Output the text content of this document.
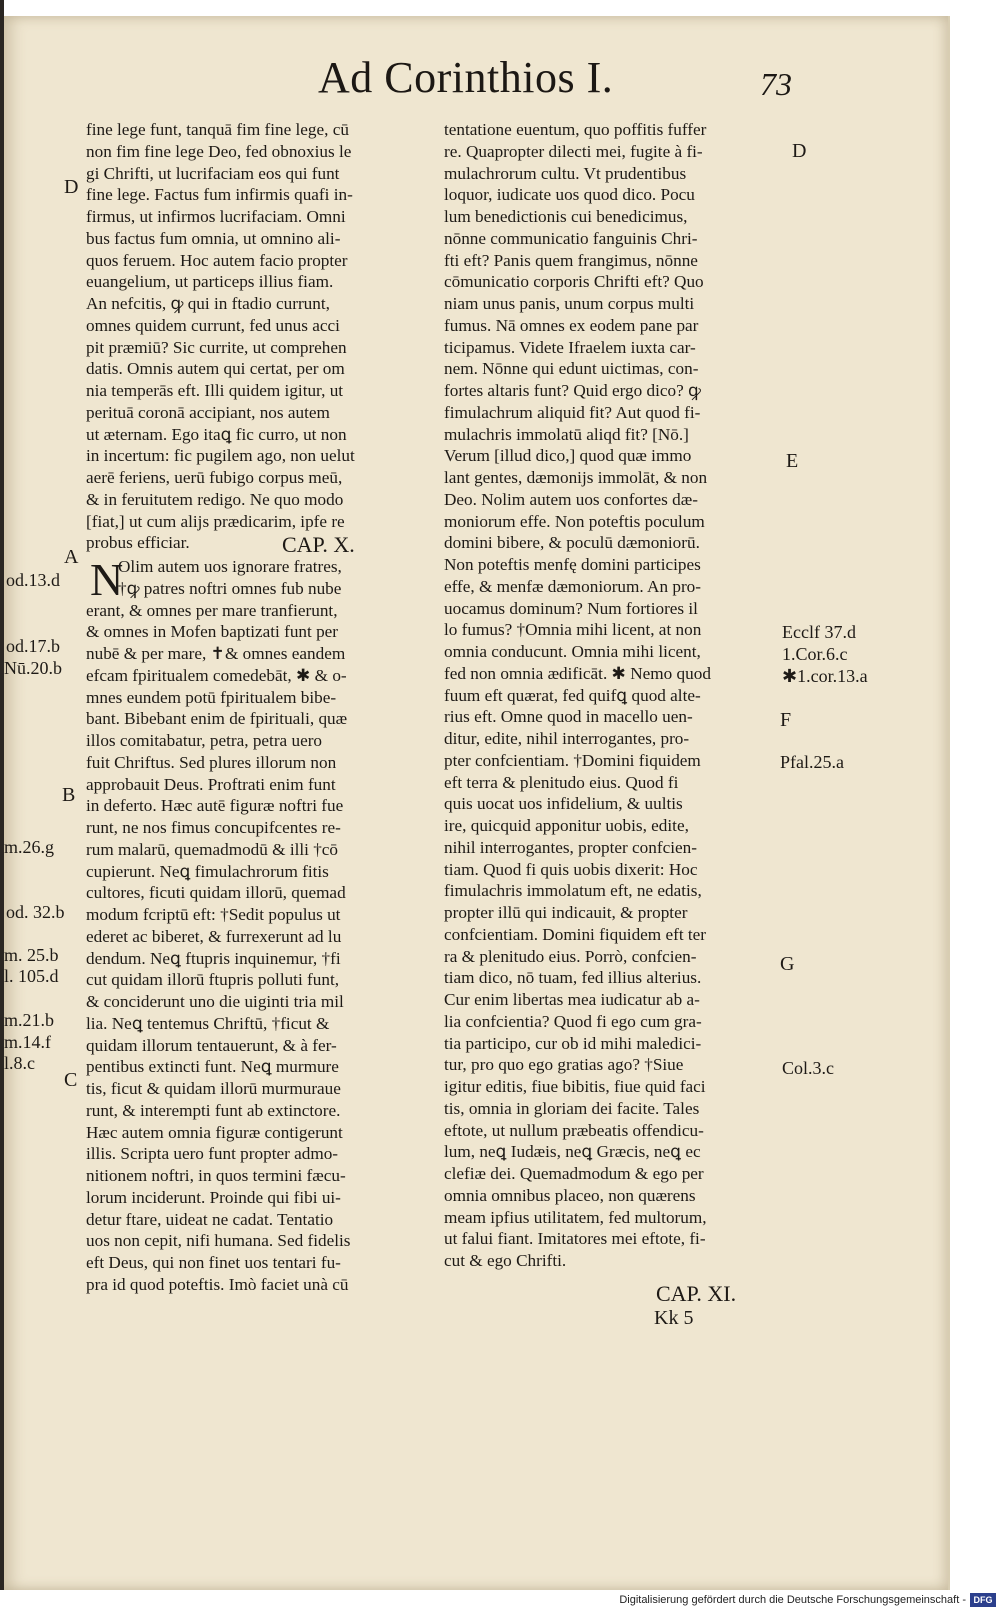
Ad Corinthios I.	73
fine lege funt, tanquā fim fine lege, cū
non fim fine lege Deo, fed obnoxius le
gi Chrifti, ut lucrifaciam eos qui funt
fine lege. Factus fum infirmis quafi in-
firmus, ut infirmos lucrifaciam. Omni
bus factus fum omnia, ut omnino ali-
quos feruem. Hoc autem facio propter
euangelium, ut particeps illius fiam.
An nefcitis, ꝙ qui in ftadio currunt,
omnes quidem currunt, fed unus acci
pit præmiū? Sic currite, ut comprehen
datis. Omnis autem qui certat, per om
nia temperās eft. Illi quidem igitur, ut
perituā coronā accipiant, nos autem
ut æternam. Ego itaꝗ fic curro, ut non
in incertum: fic pugilem ago, non uelut
aerē feriens, uerū fubigo corpus meū,
& in feruitutem redigo. Ne quo modo
[fiat,] ut cum alijs prædicarim, ipfe re
probus efficiar.	CAP. X.
N
Olim autem uos ignorare fratres,
†ꝙ patres noftri omnes fub nube
erant, & omnes per mare tranfierunt,
& omnes in Mofen baptizati funt per
nubē & per mare, ✝& omnes eandem
efcam fpiritualem comedebāt, ✱ & o-
mnes eundem potū fpiritualem bibe-
bant. Bibebant enim de fpirituali, quæ
illos comitabatur, petra, petra uero
fuit Chriftus. Sed plures illorum non
approbauit Deus. Proftrati enim funt
in deferto. Hæc autē figuræ noftri fue
runt, ne nos fimus concupifcentes re-
rum malarū, quemadmodū & illi †cō
cupierunt. Neꝗ fimulachrorum fitis
cultores, ficuti quidam illorū, quemad
modum fcriptū eft: †Sedit populus ut
ederet ac biberet, & furrexerunt ad lu
dendum. Neꝗ ftupris inquinemur, †fi
cut quidam illorū ftupris polluti funt,
& conciderunt uno die uiginti tria mil
lia. Neꝗ tentemus Chriftū, †ficut &
quidam illorum tentauerunt, & à fer-
pentibus extincti funt. Neꝗ murmure
tis, ficut & quidam illorū murmuraue
runt, & interempti funt ab extinctore.
Hæc autem omnia figuræ contigerunt
illis. Scripta uero funt propter admo-
nitionem noftri, in quos termini fæcu-
lorum inciderunt. Proinde qui fibi ui-
detur ftare, uideat ne cadat. Tentatio
uos non cepit, nifi humana. Sed fidelis
eft Deus, qui non finet uos tentari fu-
pra id quod poteftis. Imò faciet unà cū
tentatione euentum, quo poffitis fuffer
re. Quapropter dilecti mei, fugite à fi-
mulachrorum cultu. Vt prudentibus
loquor, iudicate uos quod dico. Pocu
lum benedictionis cui benedicimus,
nōnne communicatio fanguinis Chri-
fti eft? Panis quem frangimus, nōnne
cōmunicatio corporis Chrifti eft? Quo
niam unus panis, unum corpus multi
fumus. Nā omnes ex eodem pane par
ticipamus. Videte Ifraelem iuxta car-
nem. Nōnne qui edunt uictimas, con-
fortes altaris funt? Quid ergo dico? ꝙ
fimulachrum aliquid fit? Aut quod fi-
mulachris immolatū aliqd fit? [Nō.]
Verum [illud dico,] quod quæ immo
lant gentes, dæmonijs immolāt, & non
Deo. Nolim autem uos confortes dæ-
moniorum effe. Non poteftis poculum
domini bibere, & poculū dæmoniorū.
Non poteftis menfę domini participes
effe, & menfæ dæmoniorum. An pro-
uocamus dominum? Num fortiores il
lo fumus? †Omnia mihi licent, at non
omnia conducunt. Omnia mihi licent,
fed non omnia ædificāt. ✱ Nemo quod
fuum eft quærat, fed quifꝗ quod alte-
rius eft. Omne quod in macello uen-
ditur, edite, nihil interrogantes, pro-
pter confcientiam. †Domini fiquidem
eft terra & plenitudo eius. Quod fi
quis uocat uos infidelium, & uultis
ire, quicquid apponitur uobis, edite,
nihil interrogantes, propter confcien-
tiam. Quod fi quis uobis dixerit: Hoc
fimulachris immolatum eft, ne edatis,
propter illū qui indicauit, & propter
confcientiam. Domini fiquidem eft ter
ra & plenitudo eius. Porrò, confcien-
tiam dico, nō tuam, fed illius alterius.
Cur enim libertas mea iudicatur ab a-
lia confcientia? Quod fi ego cum gra-
tia participo, cur ob id mihi maledici-
tur, pro quo ego gratias ago? †Siue
igitur editis, fiue bibitis, fiue quid faci
tis, omnia in gloriam dei facite. Tales
eftote, ut nullum præbeatis offendicu-
lum, neꝗ Iudæis, neꝗ Græcis, neꝗ ec
clefiæ dei. Quemadmodum & ego per
omnia omnibus placeo, non quærens
meam ipfius utilitatem, fed multorum,
ut falui fiant. Imitatores mei eftote, fi-
cut & ego Chrifti.
CAP. XI.
Kk 5
D
A
B
C
D
E
F
G
od.13.d
od.17.b
Nū.20.b
m.26.g
od. 32.b
m. 25.b
l. 105.d
m.21.b
m.14.f
l.8.c
Ecclf 37.d
1.Cor.6.c
✱1.cor.13.a
Pfal.25.a
Col.3.c
Digitalisierung gefördert durch die Deutsche Forschungsgemeinschaft - DFG
